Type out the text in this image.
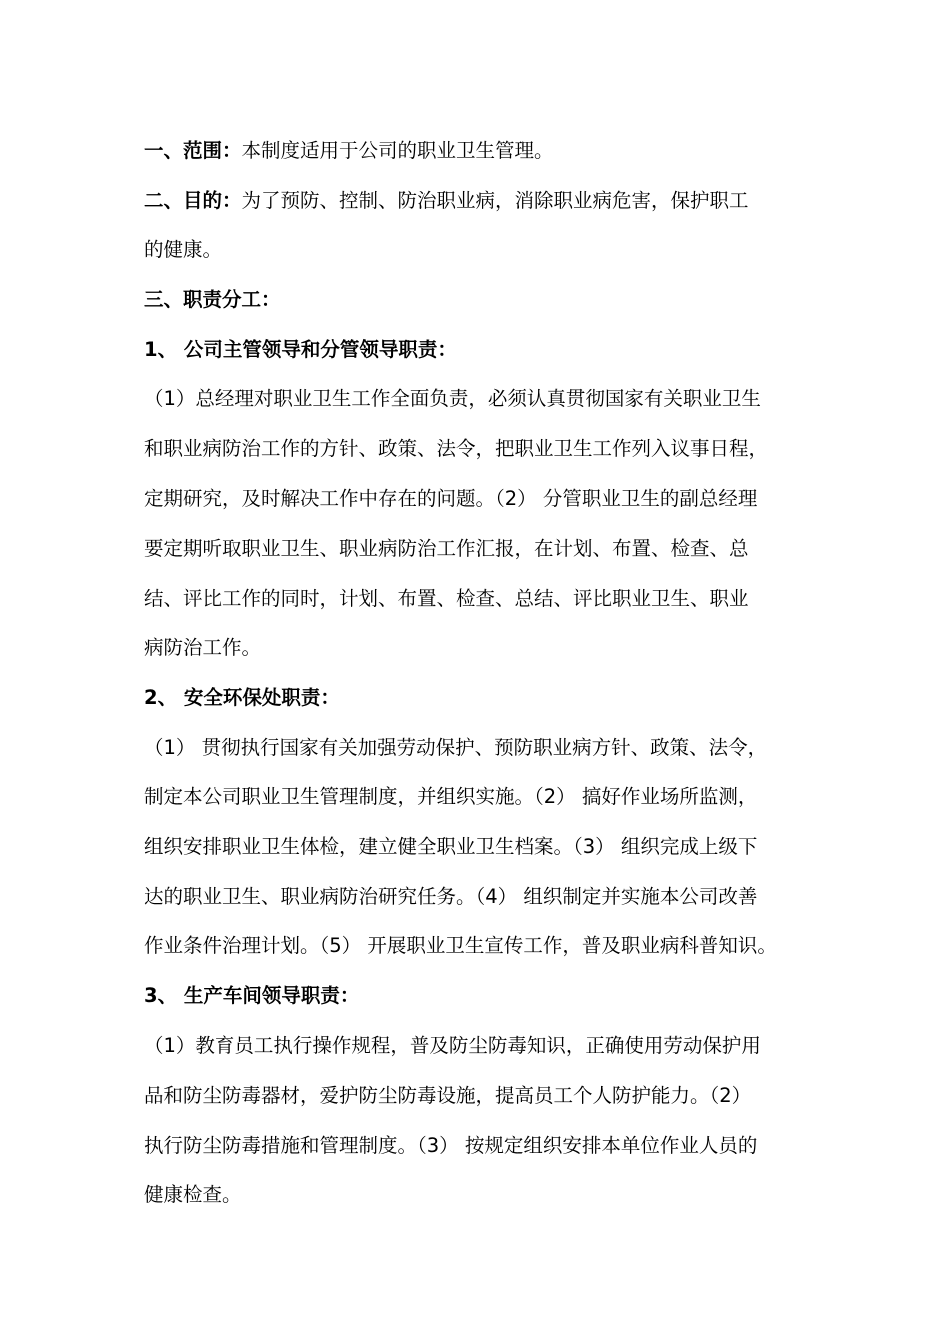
一、范围：本制度适用于公司的职业卫生管理。
二、目的：为了预防、控制、防治职业病，消除职业病危害，保护职工
的健康。
三、职责分工：
1、 公司主管领导和分管领导职责：
（1）总经理对职业卫生工作全面负责，必须认真贯彻国家有关职业卫生
和职业病防治工作的方针、政策、法令，把职业卫生工作列入议事日程，
定期研究，及时解决工作中存在的问题。（2） 分管职业卫生的副总经理
要定期听取职业卫生、职业病防治工作汇报，在计划、布置、检查、总
结、评比工作的同时，计划、布置、检查、总结、评比职业卫生、职业
病防治工作。
2、 安全环保处职责：
（1） 贯彻执行国家有关加强劳动保护、预防职业病方针、政策、法令，
制定本公司职业卫生管理制度，并组织实施。（2） 搞好作业场所监测，
组织安排职业卫生体检，建立健全职业卫生档案。（3） 组织完成上级下
达的职业卫生、职业病防治研究任务。（4） 组织制定并实施本公司改善
作业条件治理计划。（5） 开展职业卫生宣传工作，普及职业病科普知识。
3、 生产车间领导职责：
（1）教育员工执行操作规程，普及防尘防毒知识，正确使用劳动保护用
品和防尘防毒器材，爱护防尘防毒设施，提高员工个人防护能力。（2）
执行防尘防毒措施和管理制度。（3） 按规定组织安排本单位作业人员的
健康检查。
